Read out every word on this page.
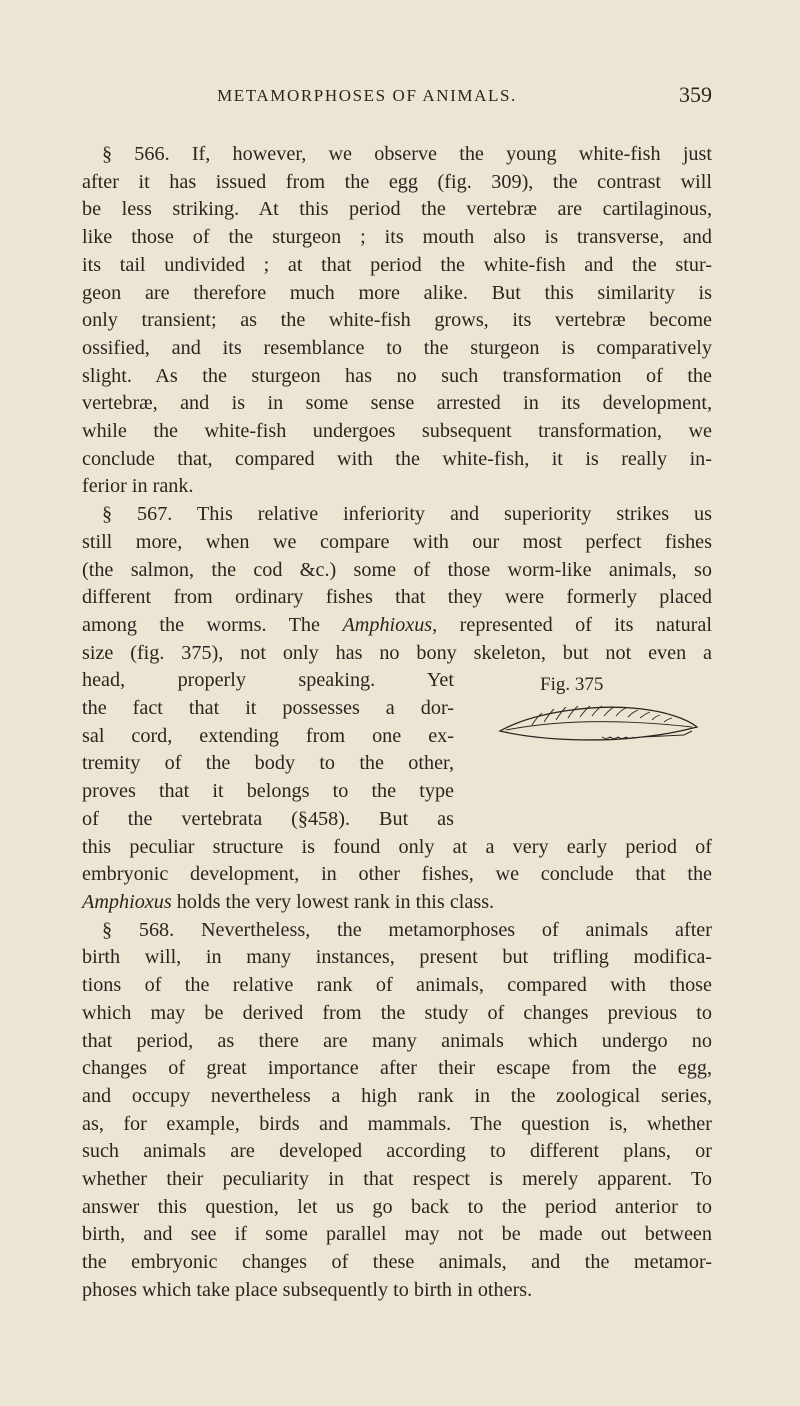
METAMORPHOSES OF ANIMALS.	359
§ 566. If, however, we observe the young white-fish just
after it has issued from the egg (fig. 309), the contrast will
be less striking. At this period the vertebræ are cartilaginous,
like those of the sturgeon ; its mouth also is transverse, and
its tail undivided ; at that period the white-fish and the stur-
geon are therefore much more alike. But this similarity is
only transient; as the white-fish grows, its vertebræ become
ossified, and its resemblance to the sturgeon is comparatively
slight. As the sturgeon has no such transformation of the
vertebræ, and is in some sense arrested in its development,
while the white-fish undergoes subsequent transformation, we
conclude that, compared with the white-fish, it is really in-
ferior in rank.
§ 567. This relative inferiority and superiority strikes us
still more, when we compare with our most perfect fishes
(the salmon, the cod &c.) some of those worm-like animals, so
different from ordinary fishes that they were formerly placed
among the worms. The Amphioxus, represented of its natural
size (fig. 375), not only has no bony skeleton, but not even a
Fig. 375
head, properly speaking. Yet
the fact that it possesses a dor-
sal cord, extending from one ex-
tremity of the body to the other,
proves that it belongs to the type
of the vertebrata (§458). But as
this peculiar structure is found only at a very early period of
embryonic development, in other fishes, we conclude that the
Amphioxus holds the very lowest rank in this class.
§ 568. Nevertheless, the metamorphoses of animals after
birth will, in many instances, present but trifling modifica-
tions of the relative rank of animals, compared with those
which may be derived from the study of changes previous to
that period, as there are many animals which undergo no
changes of great importance after their escape from the egg,
and occupy nevertheless a high rank in the zoological series,
as, for example, birds and mammals. The question is, whether
such animals are developed according to different plans, or
whether their peculiarity in that respect is merely apparent. To
answer this question, let us go back to the period anterior to
birth, and see if some parallel may not be made out between
the embryonic changes of these animals, and the metamor-
phoses which take place subsequently to birth in others.
